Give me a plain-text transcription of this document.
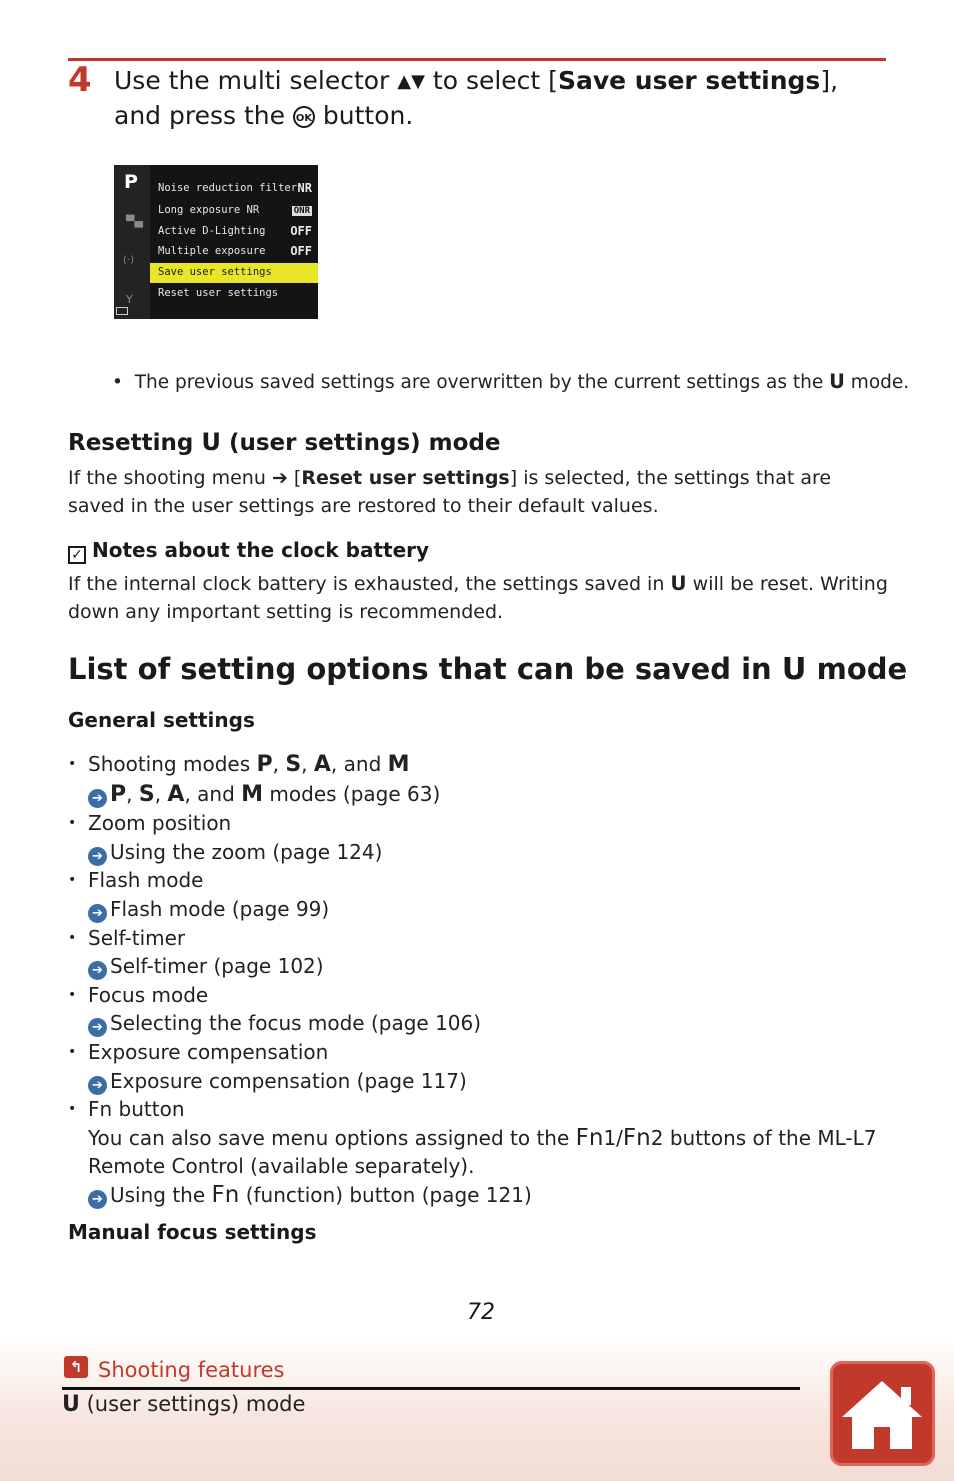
4 Use the multi selector ▲▼ to select [Save user settings], and press the OK button.
P
▀▄
(·)
Y
Noise reduction filter NR
Long exposure NR	ONR
Active D-Lighting OFF
Multiple exposure OFF
Save user settings
Reset user settings
• The previous saved settings are overwritten by the current settings as the U mode.
Resetting U (user settings) mode
If the shooting menu ➔ [Reset user settings] is selected, the settings that are saved in the user settings are restored to their default values.
✓ Notes about the clock battery
If the internal clock battery is exhausted, the settings saved in U will be reset. Writing down any important setting is recommended.
List of setting options that can be saved in U mode
General settings
• Shooting modes P, S, A, and M
➔ P, S, A, and M modes (page 63)
• Zoom position
➔ Using the zoom (page 124)
• Flash mode
➔ Flash mode (page 99)
• Self-timer
➔ Self-timer (page 102)
• Focus mode
➔ Selecting the focus mode (page 106)
• Exposure compensation
➔ Exposure compensation (page 117)
• Fn button
You can also save menu options assigned to the Fn1/Fn2 buttons of the ML-L7 Remote Control (available separately).
➔ Using the Fn (function) button (page 121)
Manual focus settings
72
↰ Shooting features
U (user settings) mode
